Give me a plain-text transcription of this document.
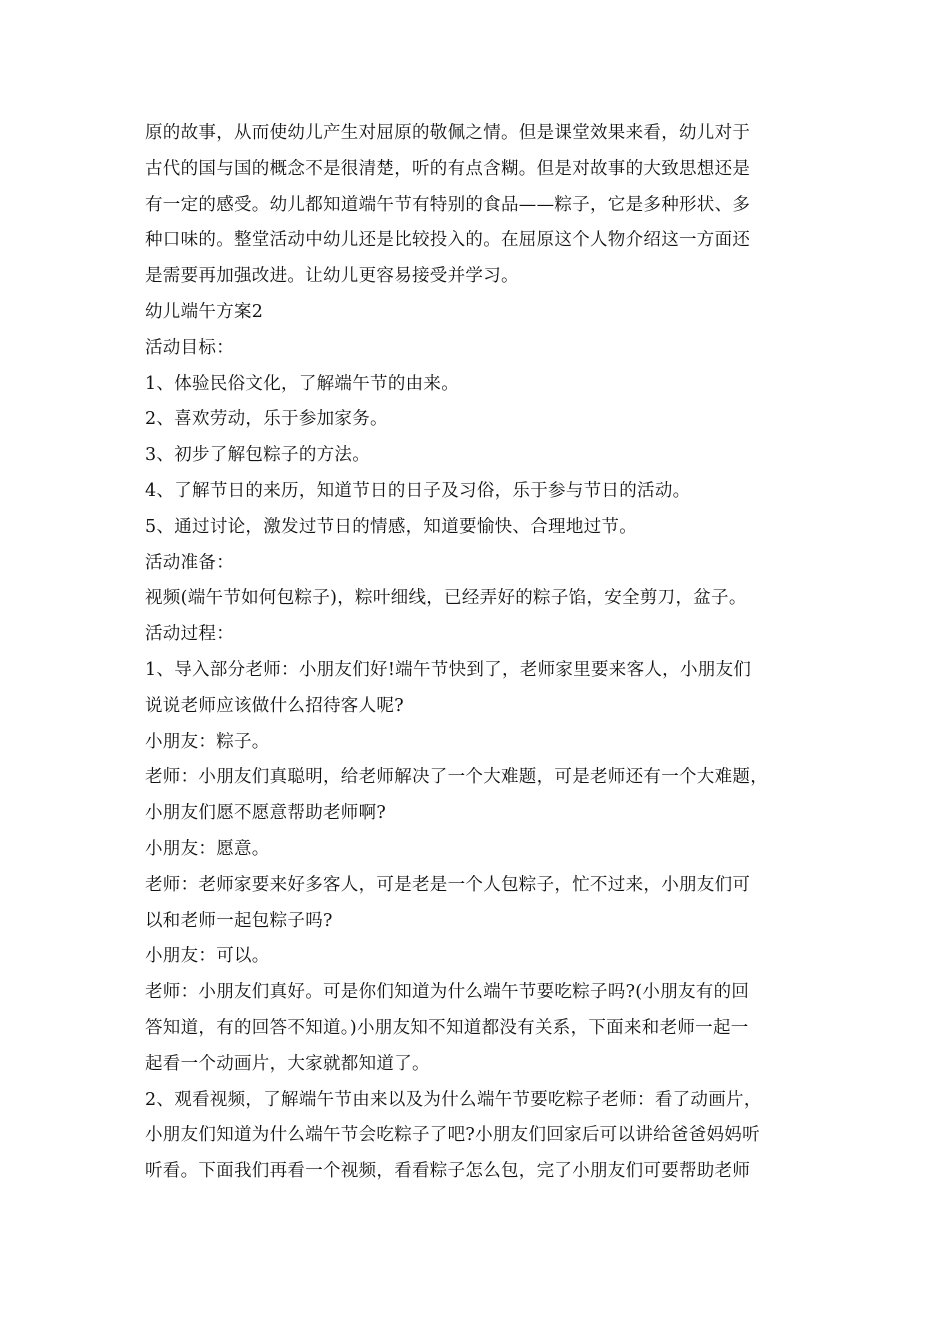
原的故事，从而使幼儿产生对屈原的敬佩之情。但是课堂效果来看，幼儿对于
古代的国与国的概念不是很清楚，听的有点含糊。但是对故事的大致思想还是
有一定的感受。幼儿都知道端午节有特别的食品——粽子，它是多种形状、多
种口味的。整堂活动中幼儿还是比较投入的。在屈原这个人物介绍这一方面还
是需要再加强改进。让幼儿更容易接受并学习。
幼儿端午方案2
活动目标：
1、体验民俗文化，了解端午节的由来。
2、喜欢劳动，乐于参加家务。
3、初步了解包粽子的方法。
4、了解节日的来历，知道节日的日子及习俗，乐于参与节日的活动。
5、通过讨论，激发过节日的情感，知道要愉快、合理地过节。
活动准备：
视频(端午节如何包粽子)，粽叶细线，已经弄好的粽子馅，安全剪刀，盆子。
活动过程：
1、导入部分老师：小朋友们好!端午节快到了，老师家里要来客人，小朋友们
说说老师应该做什么招待客人呢?
小朋友：粽子。
老师：小朋友们真聪明，给老师解决了一个大难题，可是老师还有一个大难题，
小朋友们愿不愿意帮助老师啊?
小朋友：愿意。
老师：老师家要来好多客人，可是老是一个人包粽子，忙不过来，小朋友们可
以和老师一起包粽子吗?
小朋友：可以。
老师：小朋友们真好。可是你们知道为什么端午节要吃粽子吗?(小朋友有的回
答知道，有的回答不知道。)小朋友知不知道都没有关系，下面来和老师一起一
起看一个动画片，大家就都知道了。
2、观看视频，了解端午节由来以及为什么端午节要吃粽子老师：看了动画片，
小朋友们知道为什么端午节会吃粽子了吧?小朋友们回家后可以讲给爸爸妈妈听
听看。下面我们再看一个视频，看看粽子怎么包，完了小朋友们可要帮助老师
